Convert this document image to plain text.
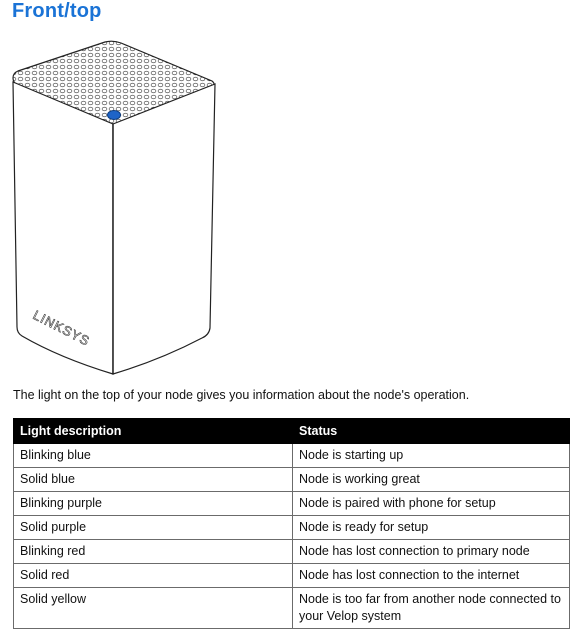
Front/top
LINKSYS
The light on the top of your node gives you information about the node's operation.
Light description	Status
Blinking blue	Node is starting up
Solid blue	Node is working great
Blinking purple	Node is paired with phone for setup
Solid purple	Node is ready for setup
Blinking red	Node has lost connection to primary node
Solid red	Node has lost connection to the internet
Solid yellow	Node is too far from another node connected to your Velop system
